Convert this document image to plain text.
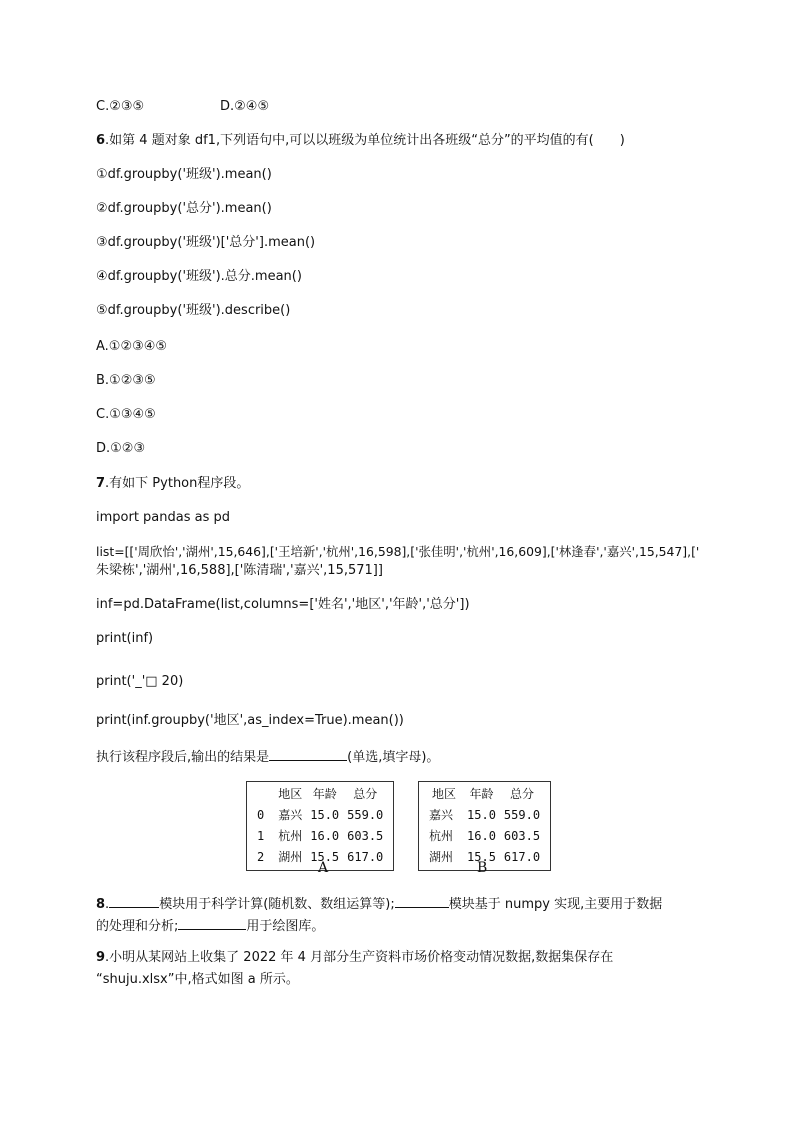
C.②③⑤	D.②④⑤
6.如第 4 题对象 df1,下列语句中,可以以班级为单位统计出各班级“总分”的平均值的有( )
①df.groupby('班级').mean()
②df.groupby('总分').mean()
③df.groupby('班级')['总分'].mean()
④df.groupby('班级').总分.mean()
⑤df.groupby('班级').describe()
A.①②③④⑤
B.①②③⑤
C.①③④⑤
D.①②③
7.有如下 Python程序段。
import pandas as pd
list=[['周欣怡','湖州',15,646],['王培新','杭州',16,598],['张佳明','杭州',16,609],['林逢春','嘉兴',15,547],['
朱梁栋','湖州',16,588],['陈清瑞','嘉兴',15,571]]
inf=pd.DataFrame(list,columns=['姓名','地区','年龄','总分'])
print(inf)
print('_'□ 20)
print(inf.groupby('地区',as_index=True).mean())
执行该程序段后,输出的结果是	(单选,填字母)。
	地区	年龄	总分
0	嘉兴	15.0	559.0
1	杭州	16.0	603.5
2	湖州	15.5	617.0
A
地区	年龄	总分
嘉兴	15.0	559.0
杭州	16.0	603.5
湖州	15.5	617.0
B
8.	模块用于科学计算(随机数、数组运算等);	模块基于 numpy 实现,主要用于数据
的处理和分析;	用于绘图库。
9.小明从某网站上收集了 2022 年 4 月部分生产资料市场价格变动情况数据,数据集保存在
“shuju.xlsx”中,格式如图 a 所示。
